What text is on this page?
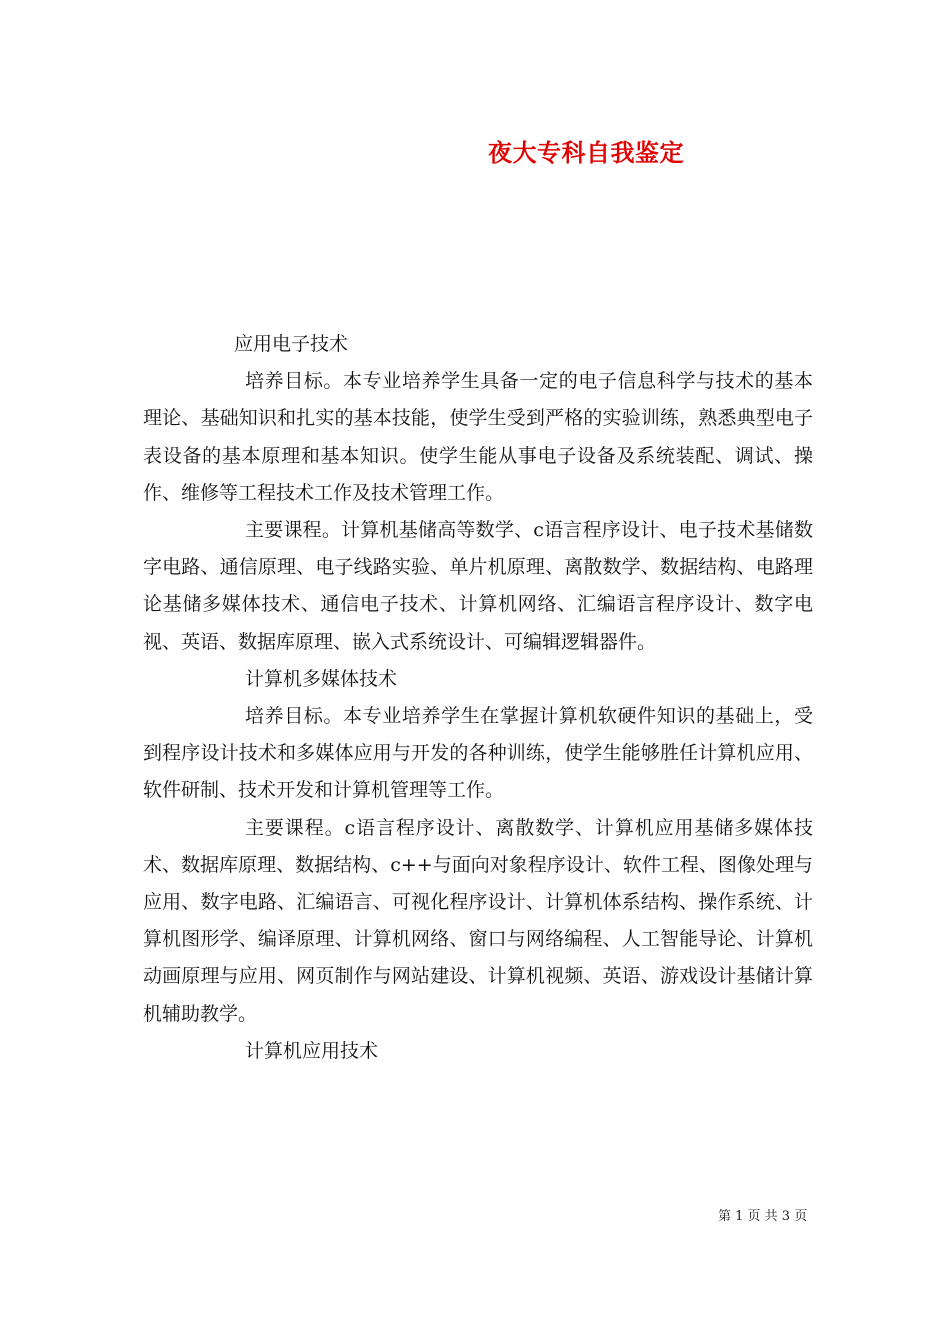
夜大专科自我鉴定

应用电子技术

培养目标。本专业培养学生具备一定的电子信息科学与技术的基本理论、基础知识和扎实的基本技能，使学生受到严格的实验训练，熟悉典型电子表设备的基本原理和基本知识。使学生能从事电子设备及系统装配、调试、操作、维修等工程技术工作及技术管理工作。

主要课程。计算机基储高等数学、c语言程序设计、电子技术基储数字电路、通信原理、电子线路实验、单片机原理、离散数学、数据结构、电路理论基储多媒体技术、通信电子技术、计算机网络、汇编语言程序设计、数字电视、英语、数据库原理、嵌入式系统设计、可编辑逻辑器件。

计算机多媒体技术

培养目标。本专业培养学生在掌握计算机软硬件知识的基础上，受到程序设计技术和多媒体应用与开发的各种训练，使学生能够胜任计算机应用、软件研制、技术开发和计算机管理等工作。

主要课程。c语言程序设计、离散数学、计算机应用基储多媒体技术、数据库原理、数据结构、c++与面向对象程序设计、软件工程、图像处理与应用、数字电路、汇编语言、可视化程序设计、计算机体系结构、操作系统、计算机图形学、编译原理、计算机网络、窗口与网络编程、人工智能导论、计算机动画原理与应用、网页制作与网站建设、计算机视频、英语、游戏设计基储计算机辅助教学。

计算机应用技术

第 1 页 共 3 页
